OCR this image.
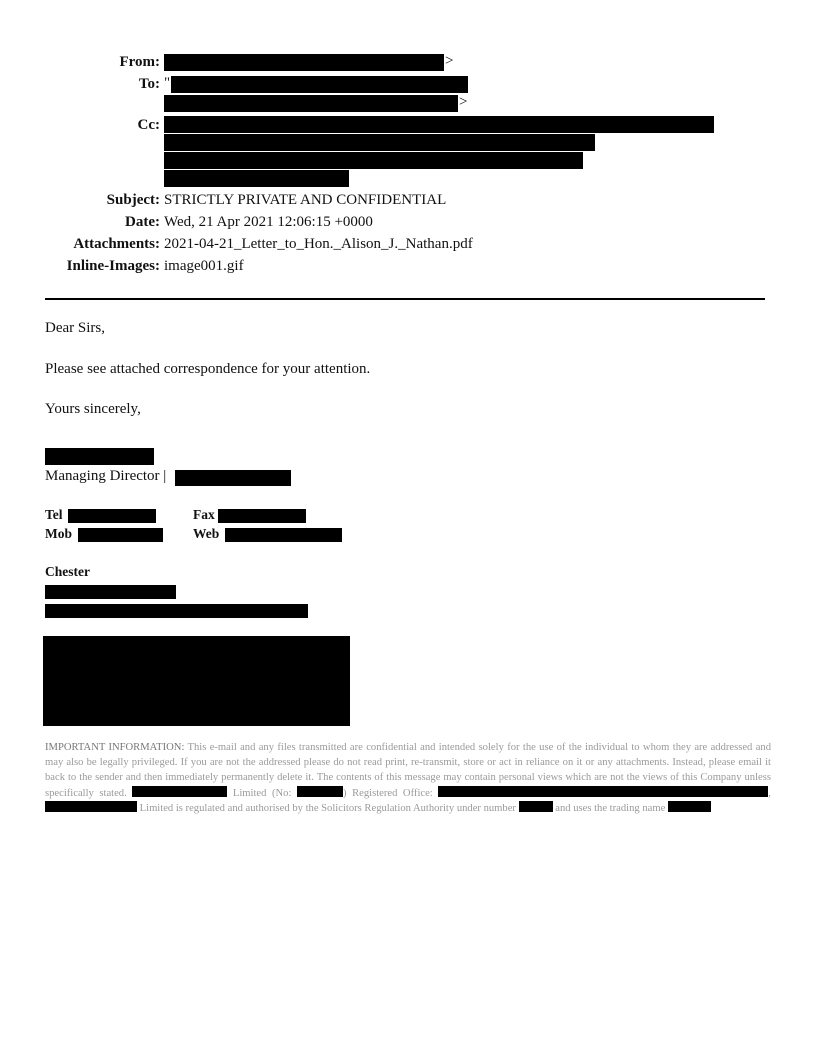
From:	>
To: "
>
Cc:
Subject: STRICTLY PRIVATE AND CONFIDENTIAL
Date: Wed, 21 Apr 2021 12:06:15 +0000
Attachments: 2021-04-21_Letter_to_Hon._Alison_J._Nathan.pdf
Inline-Images: image001.gif
Dear Sirs,
Please see attached correspondence for your attention.
Yours sincerely,
Managing Director |
Tel	Fax
Mob	Web
Chester
IMPORTANT INFORMATION: This e-mail and any files transmitted are confidential and intended solely for the use of the individual to whom they are addressed and may also be legally privileged. If you are not the addressed please do not read print, re-transmit, store or act in reliance on it or any attachments. Instead, please email it back to the sender and then immediately permanently delete it. The contents of this message may contain personal views which are not the views of this Company unless specifically stated.	Limited (No:	) Registered Office:	,  Limited is regulated and authorised by the Solicitors Regulation Authority under number	and uses the trading name
